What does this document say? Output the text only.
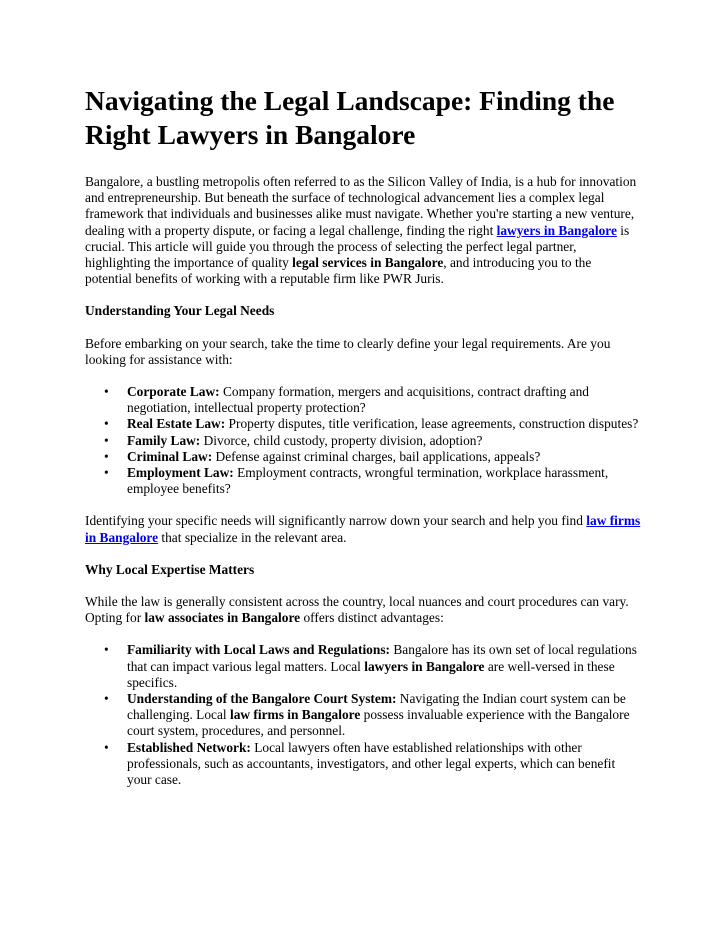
Navigating the Legal Landscape: Finding the Right Lawyers in Bangalore

Bangalore, a bustling metropolis often referred to as the Silicon Valley of India, is a hub for innovation and entrepreneurship. But beneath the surface of technological advancement lies a complex legal framework that individuals and businesses alike must navigate. Whether you're starting a new venture, dealing with a property dispute, or facing a legal challenge, finding the right lawyers in Bangalore is crucial. This article will guide you through the process of selecting the perfect legal partner, highlighting the importance of quality legal services in Bangalore, and introducing you to the potential benefits of working with a reputable firm like PWR Juris.

Understanding Your Legal Needs

Before embarking on your search, take the time to clearly define your legal requirements. Are you looking for assistance with:

• Corporate Law: Company formation, mergers and acquisitions, contract drafting and negotiation, intellectual property protection?
• Real Estate Law: Property disputes, title verification, lease agreements, construction disputes?
• Family Law: Divorce, child custody, property division, adoption?
• Criminal Law: Defense against criminal charges, bail applications, appeals?
• Employment Law: Employment contracts, wrongful termination, workplace harassment, employee benefits?

Identifying your specific needs will significantly narrow down your search and help you find law firms in Bangalore that specialize in the relevant area.

Why Local Expertise Matters

While the law is generally consistent across the country, local nuances and court procedures can vary. Opting for law associates in Bangalore offers distinct advantages:

• Familiarity with Local Laws and Regulations: Bangalore has its own set of local regulations that can impact various legal matters. Local lawyers in Bangalore are well-versed in these specifics.
• Understanding of the Bangalore Court System: Navigating the Indian court system can be challenging. Local law firms in Bangalore possess invaluable experience with the Bangalore court system, procedures, and personnel.
• Established Network: Local lawyers often have established relationships with other professionals, such as accountants, investigators, and other legal experts, which can benefit your case.
